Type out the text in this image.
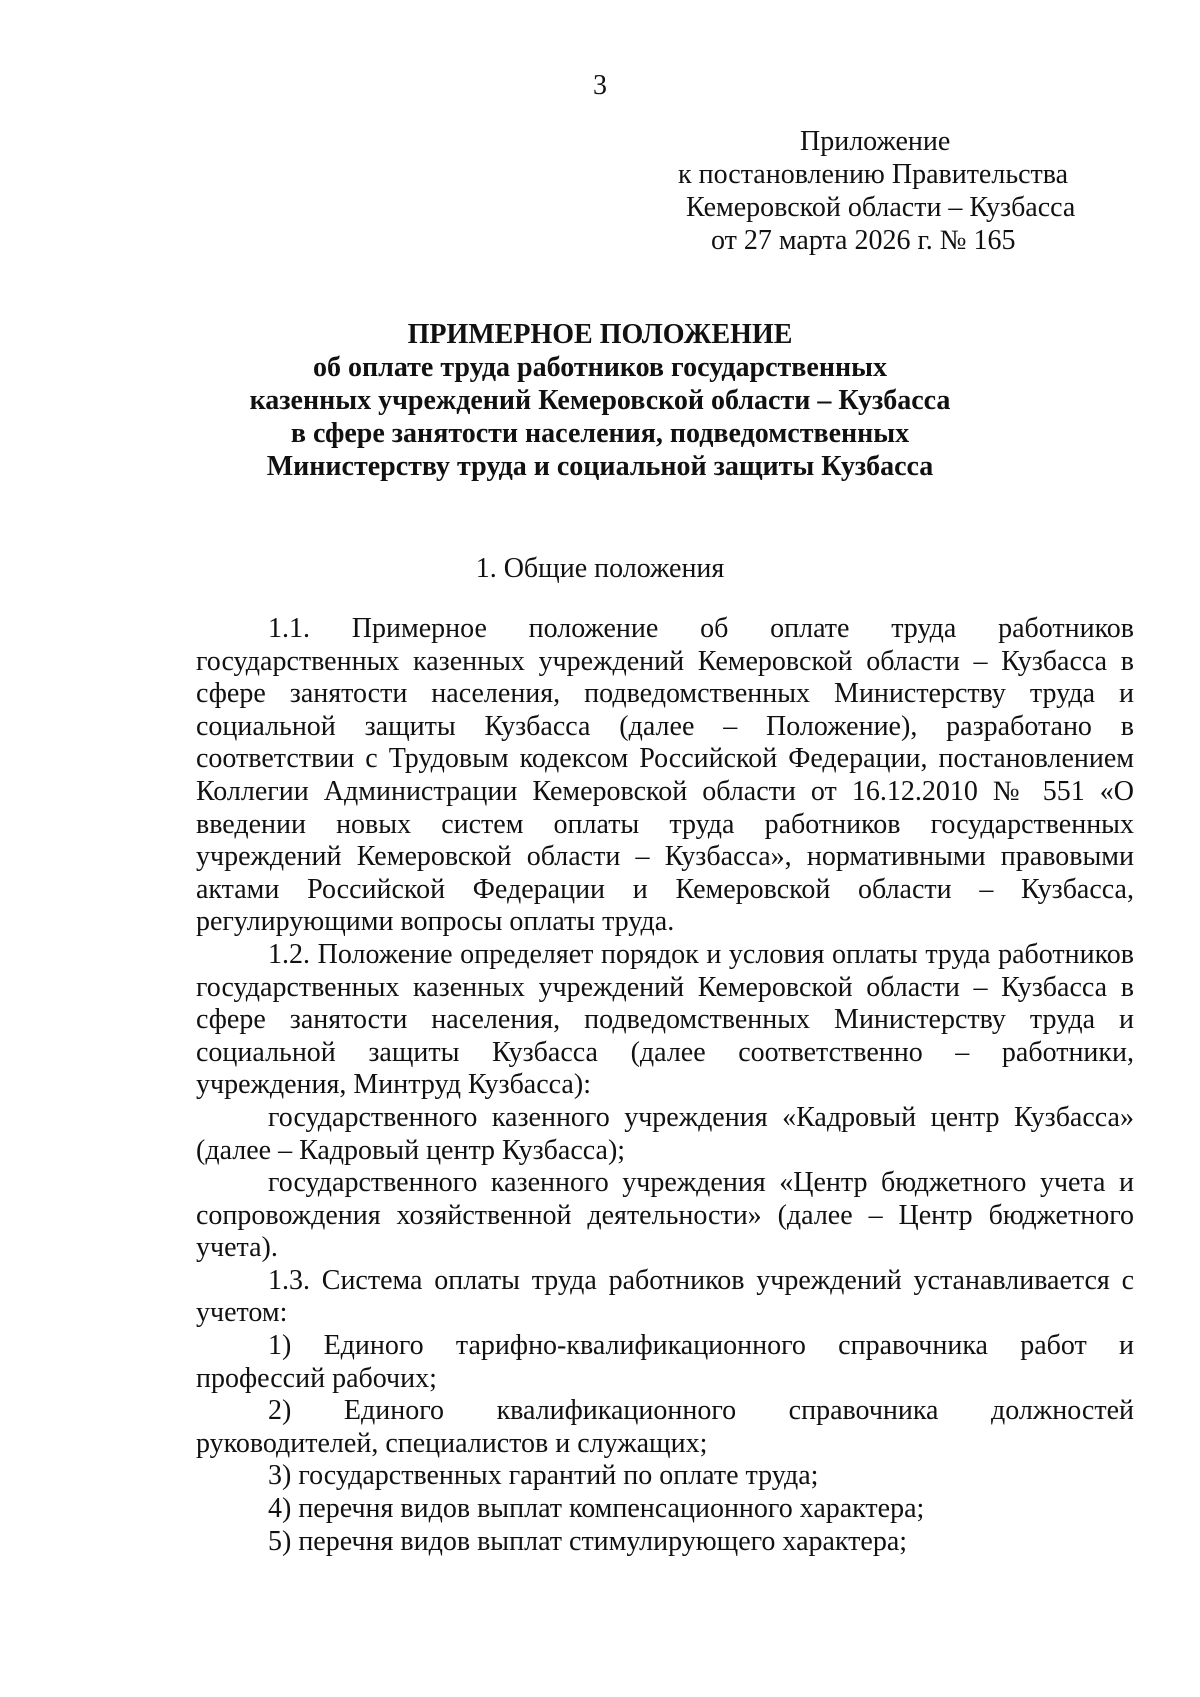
3
Приложение
к постановлению Правительства
Кемеровской области – Кузбасса
от 27 марта 2026 г. № 165
ПРИМЕРНОЕ ПОЛОЖЕНИЕ
об оплате труда работников государственных
казенных учреждений Кемеровской области – Кузбасса
в сфере занятости населения, подведомственных
Министерству труда и социальной защиты Кузбасса
1. Общие положения

1.1. Примерное положение об оплате труда работников государственных казенных учреждений Кемеровской области – Кузбасса в сфере занятости населения, подведомственных Министерству труда и социальной защиты Кузбасса (далее – Положение), разработано в соответствии с Трудовым кодексом Российской Федерации, постановлением Коллегии Администрации Кемеровской области от 16.12.2010 № 551 «О введении новых систем оплаты труда работников государственных учреждений Кемеровской области – Кузбасса», нормативными правовыми актами Российской Федерации и Кемеровской области – Кузбасса, регулирующими вопросы оплаты труда.

1.2. Положение определяет порядок и условия оплаты труда работников государственных казенных учреждений Кемеровской области – Кузбасса в сфере занятости населения, подведомственных Министерству труда и социальной защиты Кузбасса (далее соответственно – работники, учреждения, Минтруд Кузбасса):

государственного казенного учреждения «Кадровый центр Кузбасса» (далее – Кадровый центр Кузбасса);

государственного казенного учреждения «Центр бюджетного учета и сопровождения хозяйственной деятельности» (далее – Центр бюджетного учета).

1.3. Система оплаты труда работников учреждений устанавливается с учетом:

1) Единого тарифно-квалификационного справочника работ и профессий рабочих;

2) Единого квалификационного справочника должностей руководителей, специалистов и служащих;

3) государственных гарантий по оплате труда;

4) перечня видов выплат компенсационного характера;

5) перечня видов выплат стимулирующего характера;
